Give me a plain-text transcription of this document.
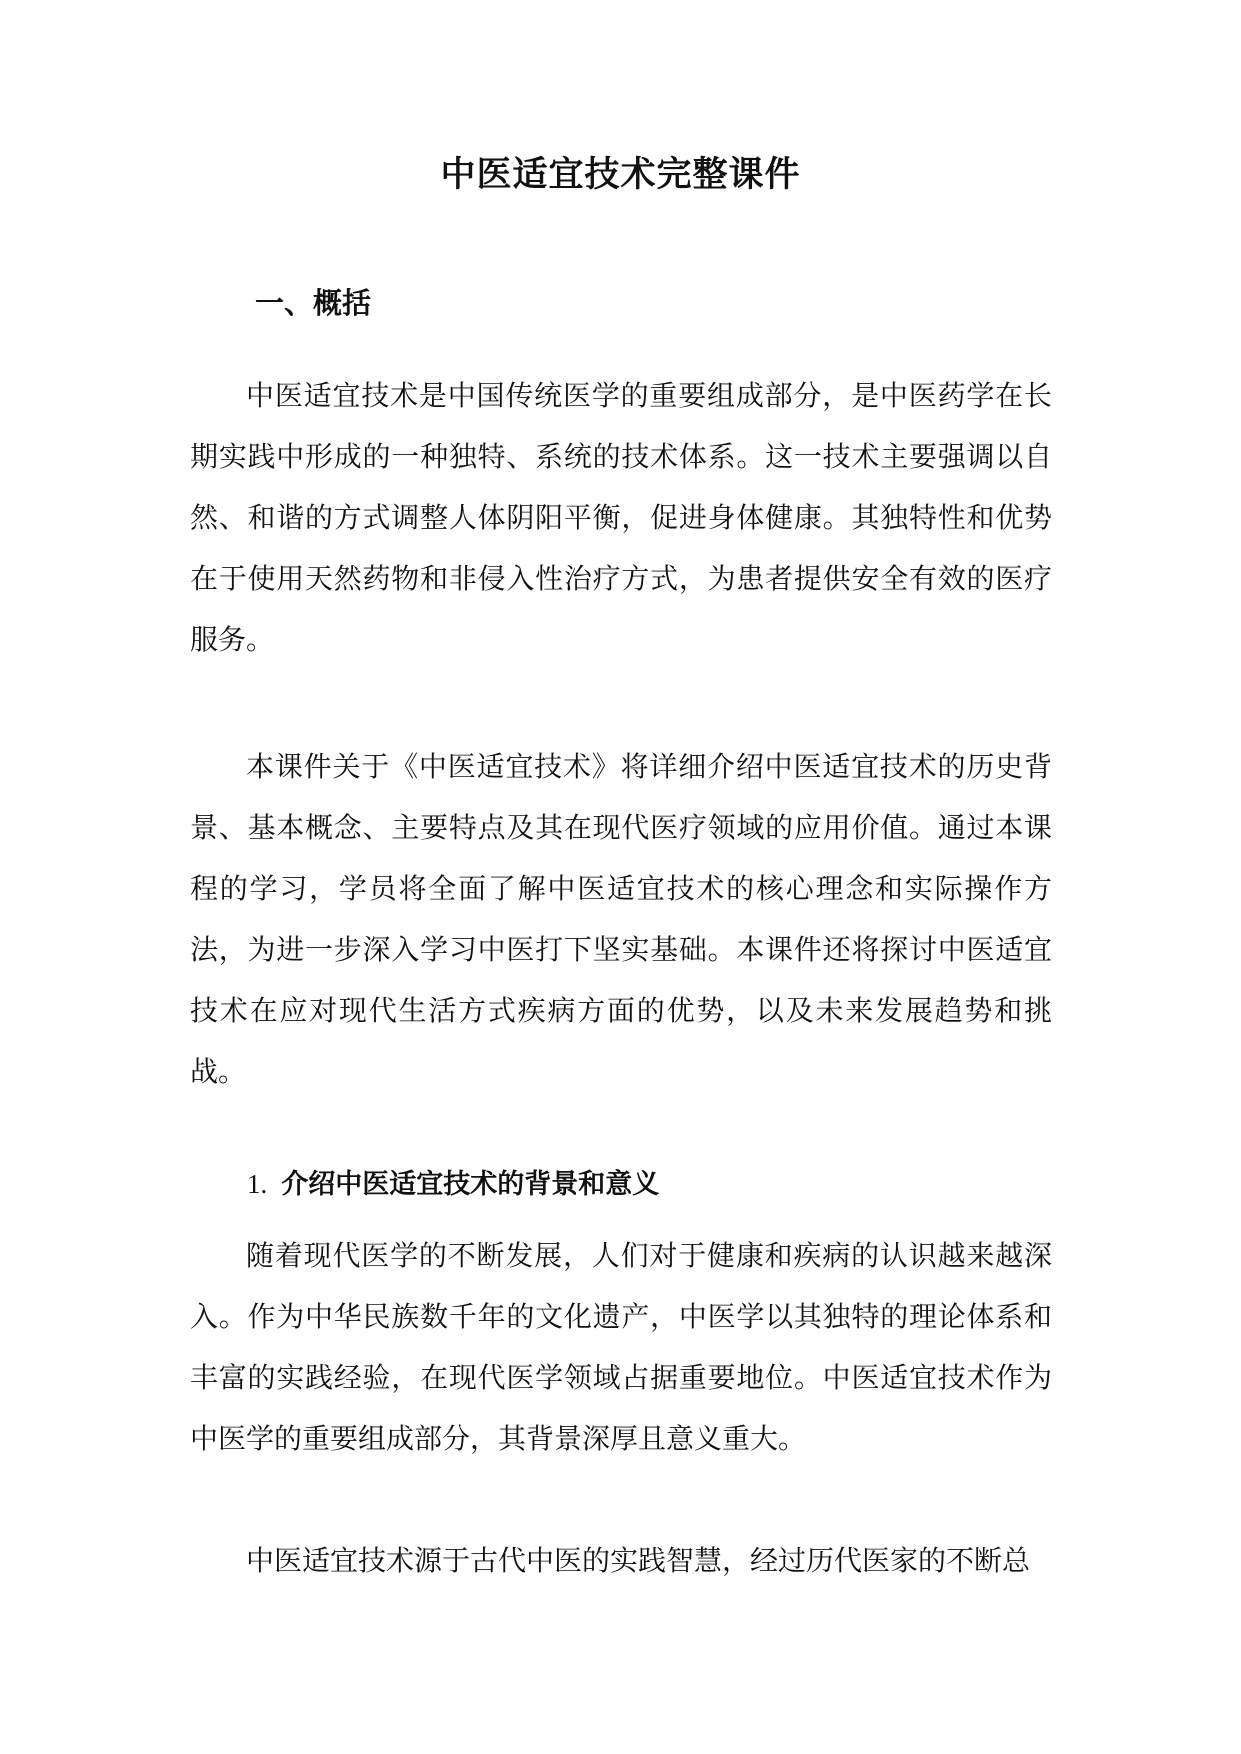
中医适宜技术完整课件
一、概括

中医适宜技术是中国传统医学的重要组成部分，是中医药学在长期实践中形成的一种独特、系统的技术体系。这一技术主要强调以自然、和谐的方式调整人体阴阳平衡，促进身体健康。其独特性和优势在于使用天然药物和非侵入性治疗方式，为患者提供安全有效的医疗服务。

本课件关于《中医适宜技术》将详细介绍中医适宜技术的历史背景、基本概念、主要特点及其在现代医疗领域的应用价值。通过本课程的学习，学员将全面了解中医适宜技术的核心理念和实际操作方法，为进一步深入学习中医打下坚实基础。本课件还将探讨中医适宜技术在应对现代生活方式疾病方面的优势，以及未来发展趋势和挑战。

1. 介绍中医适宜技术的背景和意义

随着现代医学的不断发展，人们对于健康和疾病的认识越来越深入。作为中华民族数千年的文化遗产，中医学以其独特的理论体系和丰富的实践经验，在现代医学领域占据重要地位。中医适宜技术作为中医学的重要组成部分，其背景深厚且意义重大。

中医适宜技术源于古代中医的实践智慧，经过历代医家的不断总
